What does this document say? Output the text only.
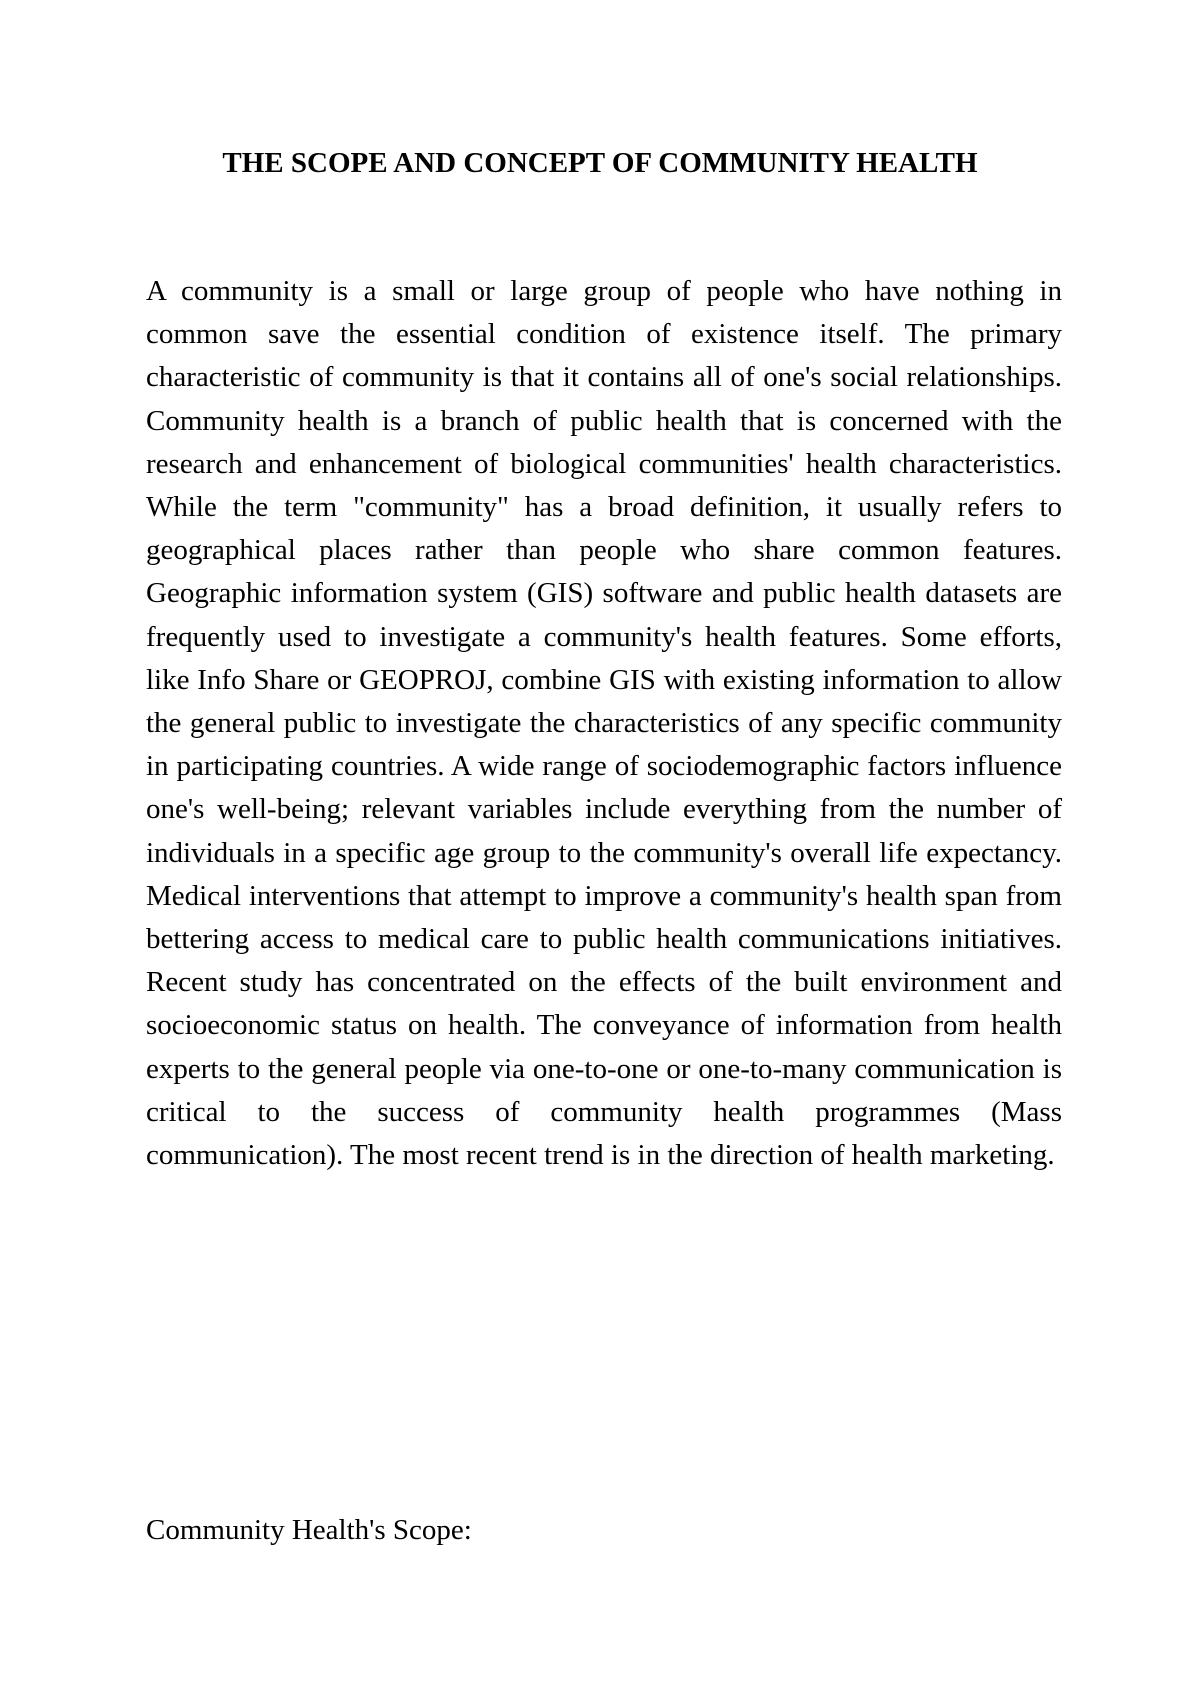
THE SCOPE AND CONCEPT OF COMMUNITY HEALTH

A community is a small or large group of people who have nothing in common save the essential condition of existence itself. The primary characteristic of community is that it contains all of one's social relationships. Community health is a branch of public health that is concerned with the research and enhancement of biological communities' health characteristics. While the term "community" has a broad definition, it usually refers to geographical places rather than people who share common features. Geographic information system (GIS) software and public health datasets are frequently used to investigate a community's health features. Some efforts, like Info Share or GEOPROJ, combine GIS with existing information to allow the general public to investigate the characteristics of any specific community in participating countries. A wide range of sociodemographic factors influence one's well-being; relevant variables include everything from the number of individuals in a specific age group to the community's overall life expectancy. Medical interventions that attempt to improve a community's health span from bettering access to medical care to public health communications initiatives. Recent study has concentrated on the effects of the built environment and socioeconomic status on health. The conveyance of information from health experts to the general people via one-to-one or one-to-many communication is critical to the success of community health programmes (Mass communication). The most recent trend is in the direction of health marketing.

Community Health's Scope:
